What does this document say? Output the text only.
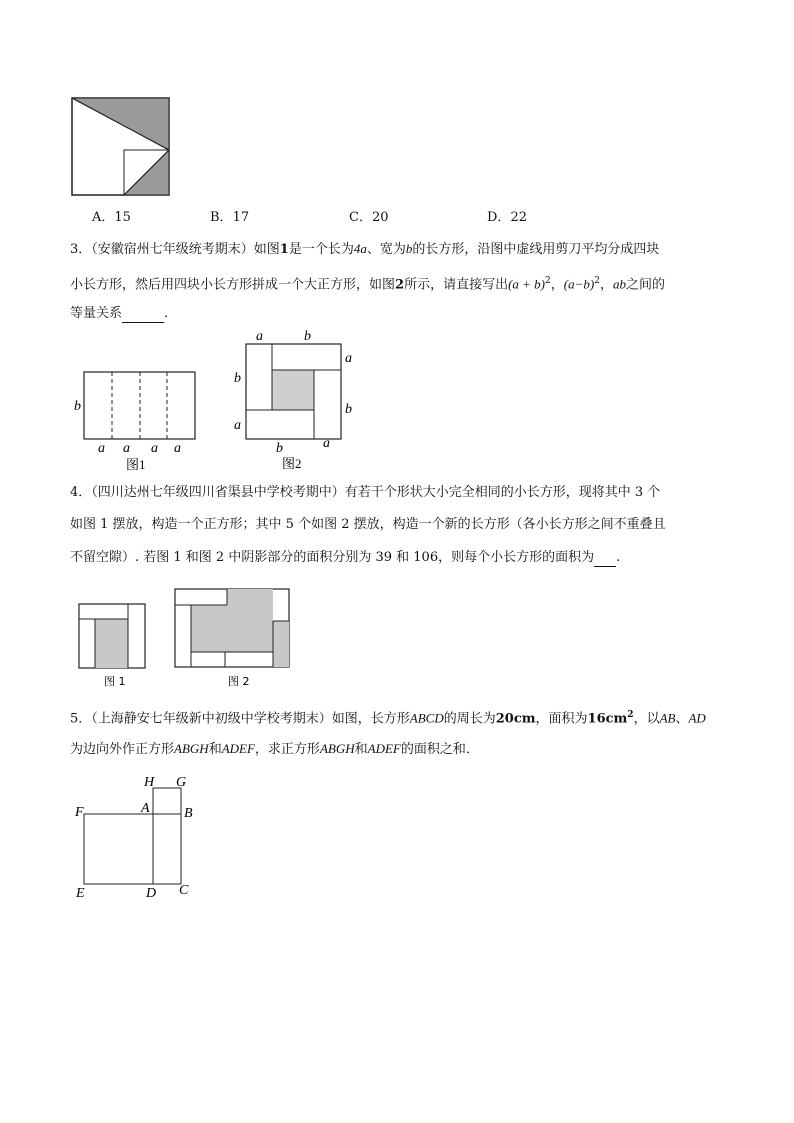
A．15	B．17	C．20	D．22
3．（安徽宿州七年级统考期末）如图1是一个长为4a、宽为b的长方形，沿图中虚线用剪刀平均分成四块
小长方形，然后用四块小长方形拼成一个大正方形，如图2所示，请直接写出$(a + b)^2$，$(a-b)^2$，ab之间的
等量关系	．
b
a a a a
图1
a	b
a
b
b
a
b	a
图2
4．（四川达州七年级四川省渠县中学校考期中）有若干个形状大小完全相同的小长方形，现将其中 3 个
如图 1 摆放，构造一个正方形；其中 5 个如图 2 摆放，构造一个新的长方形（各小长方形之间不重叠且
不留空隙）. 若图 1 和图 2 中阴影部分的面积分别为 39 和 106，则每个小长方形的面积为 .
图 1	图 2
5．（上海静安七年级新中初级中学校考期末）如图，长方形ABCD的周长为20cm，面积为$16cm^2$，以AB、AD
为边向外作正方形ABGH和ADEF，求正方形ABGH和ADEF的面积之和．
H G
F	A B
E	D C
